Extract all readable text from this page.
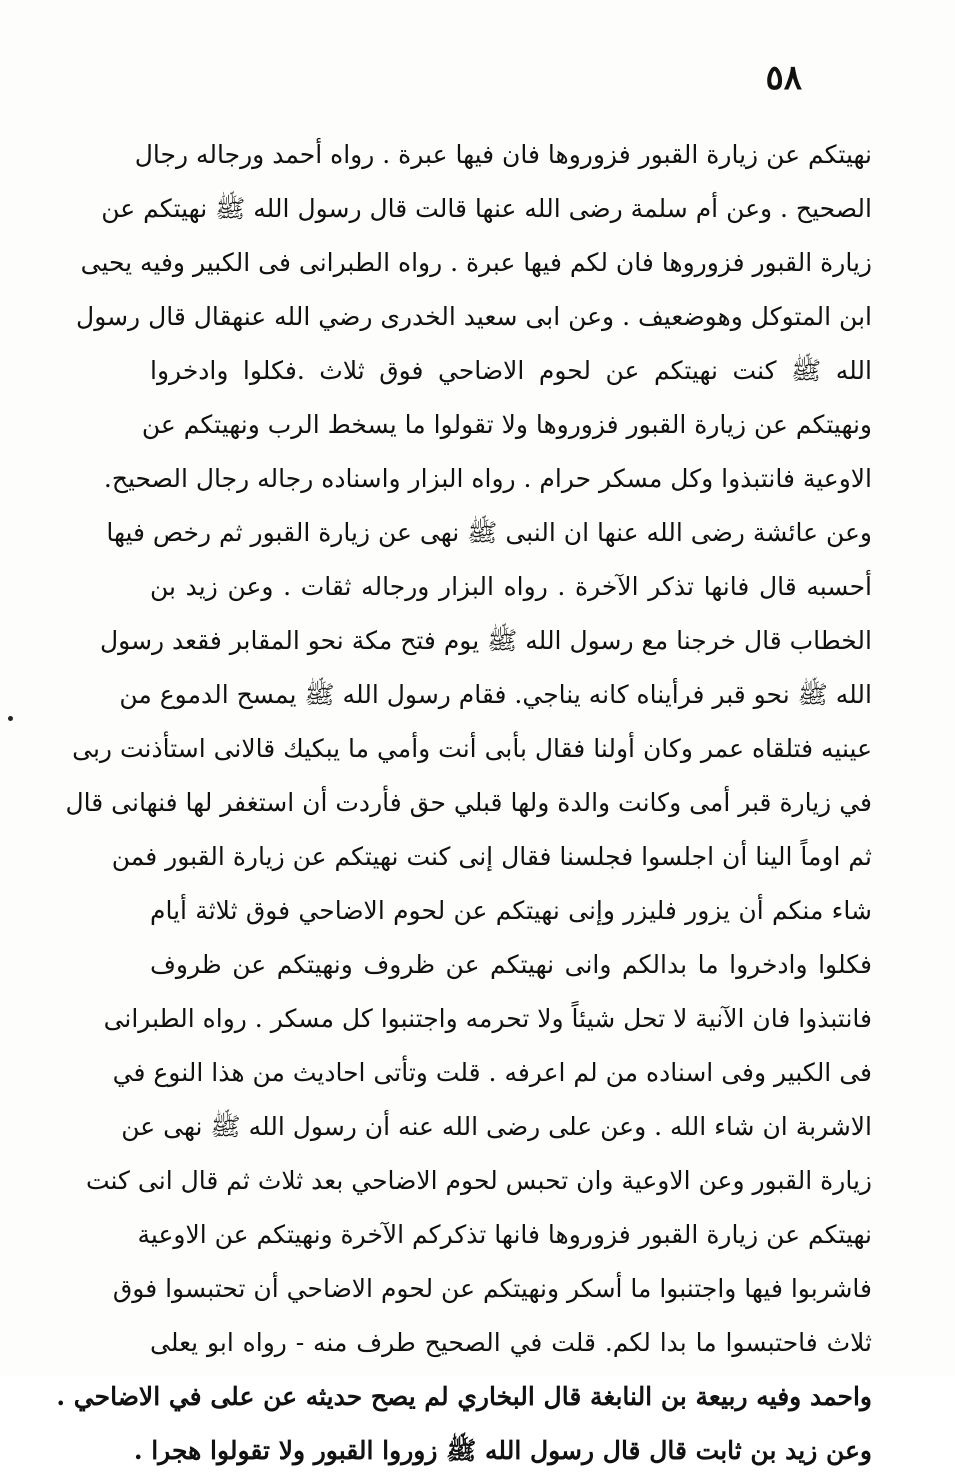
٥٨
نهيتكم عن زيارة القبور فزوروها فان فيها عبرة . رواه أحمد ورجاله رجال
الصحيح . وعن أم سلمة رضى الله عنها قالت قال رسول الله ﷺ نهيتكم عن
زيارة القبور فزوروها فان لكم فيها عبرة . رواه الطبرانى فى الكبير وفيه يحيى
ابن المتوكل وهوضعيف . وعن ابى سعيد الخدرى رضي الله عنهقال قال رسول
الله ﷺ كنت نهيتكم عن لحوم الاضاحي فوق ثلاث .فكلوا وادخروا
ونهيتكم عن زيارة القبور فزوروها ولا تقولوا ما يسخط الرب ونهيتكم عن
الاوعية فانتبذوا وكل مسكر حرام . رواه البزار واسناده رجاله رجال الصحيح.
وعن عائشة رضى الله عنها ان النبى ﷺ نهى عن زيارة القبور ثم رخص فيها
أحسبه قال فانها تذكر الآخرة . رواه البزار ورجاله ثقات . وعن زيد بن
الخطاب قال خرجنا مع رسول الله ﷺ يوم فتح مكة نحو المقابر فقعد رسول
الله ﷺ نحو قبر فرأيناه كانه يناجي. فقام رسول الله ﷺ يمسح الدموع من
عينيه فتلقاه عمر وكان أولنا فقال بأبى أنت وأمي ما يبكيك قالانى استأذنت ربى
في زيارة قبر أمى وكانت والدة ولها قبلي حق فأردت أن استغفر لها فنهانى قال
ثم اوماً الينا أن اجلسوا فجلسنا فقال إنى كنت نهيتكم عن زيارة القبور فمن
شاء منكم أن يزور فليزر وإنى نهيتكم عن لحوم الاضاحي فوق ثلاثة أيام
فكلوا وادخروا ما بدالكم وانى نهيتكم عن ظروف ونهيتكم عن ظروف
فانتبذوا فان الآنية لا تحل شيئاً ولا تحرمه واجتنبوا كل مسكر . رواه الطبرانى
فى الكبير وفى اسناده من لم اعرفه . قلت وتأتى احاديث من هذا النوع في
الاشربة ان شاء الله . وعن على رضى الله عنه أن رسول الله ﷺ نهى عن
زيارة القبور وعن الاوعية وان تحبس لحوم الاضاحي بعد ثلاث ثم قال انى كنت
نهيتكم عن زيارة القبور فزوروها فانها تذكركم الآخرة ونهيتكم عن الاوعية
فاشربوا فيها واجتنبوا ما أسكر ونهيتكم عن لحوم الاضاحي أن تحتبسوا فوق
ثلاث فاحتبسوا ما بدا لكم. قلت في الصحيح طرف منه - رواه ابو يعلى
واحمد وفيه ربيعة بن النابغة قال البخاري لم يصح حديثه عن على في الاضاحي .
وعن زيد بن ثابت قال قال رسول الله ﷺ زوروا القبور ولا تقولوا هجرا .
